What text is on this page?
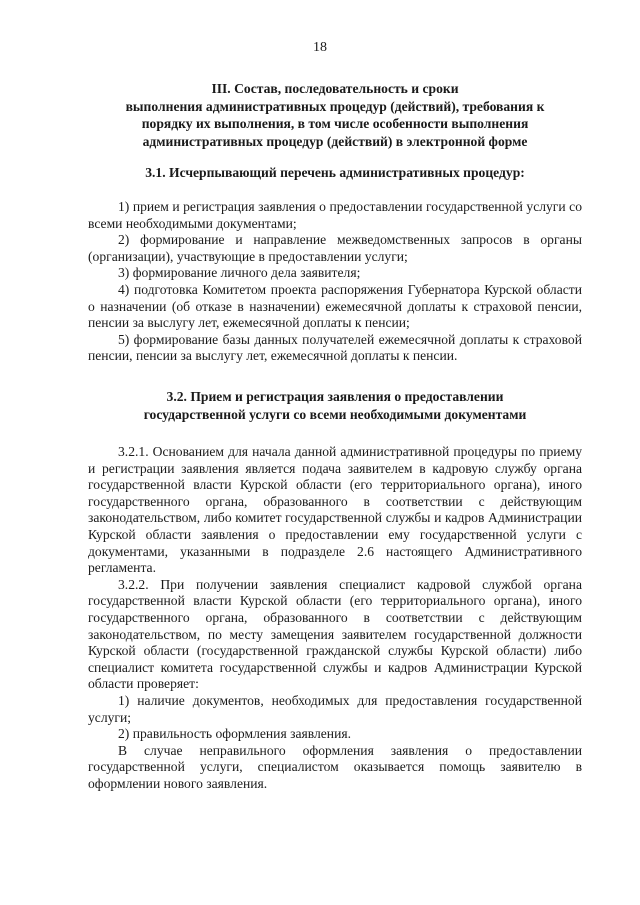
18
III. Состав, последовательность и сроки
выполнения административных процедур (действий), требования к
порядку их выполнения, в том числе особенности выполнения
административных процедур (действий) в электронной форме
3.1. Исчерпывающий перечень административных процедур:
1) прием и регистрация заявления о предоставлении государственной услуги со всеми необходимыми документами;
2) формирование и направление межведомственных запросов в органы (организации), участвующие в предоставлении услуги;
3) формирование личного дела заявителя;
4) подготовка Комитетом проекта распоряжения Губернатора Курской области о назначении (об отказе в назначении) ежемесячной доплаты к страховой пенсии, пенсии за выслугу лет, ежемесячной доплаты к пенсии;
5) формирование базы данных получателей ежемесячной доплаты к страховой пенсии, пенсии за выслугу лет, ежемесячной доплаты к пенсии.
3.2. Прием и регистрация заявления о предоставлении
государственной услуги со всеми необходимыми документами
3.2.1. Основанием для начала данной административной процедуры по приему и регистрации заявления является подача заявителем в кадровую службу органа государственной власти Курской области (его территориального органа), иного государственного органа, образованного в соответствии с действующим законодательством, либо комитет государственной службы и кадров Администрации Курской области заявления о предоставлении ему государственной услуги с документами, указанными в подразделе 2.6 настоящего Административного регламента.
3.2.2. При получении заявления специалист кадровой службой органа государственной власти Курской области (его территориального органа), иного государственного органа, образованного в соответствии с действующим законодательством, по месту замещения заявителем государственной должности Курской области (государственной гражданской службы Курской области) либо специалист комитета государственной службы и кадров Администрации Курской области проверяет:
1) наличие документов, необходимых для предоставления государственной услуги;
2) правильность оформления заявления.
В случае неправильного оформления заявления о предоставлении государственной услуги, специалистом оказывается помощь заявителю в оформлении нового заявления.
